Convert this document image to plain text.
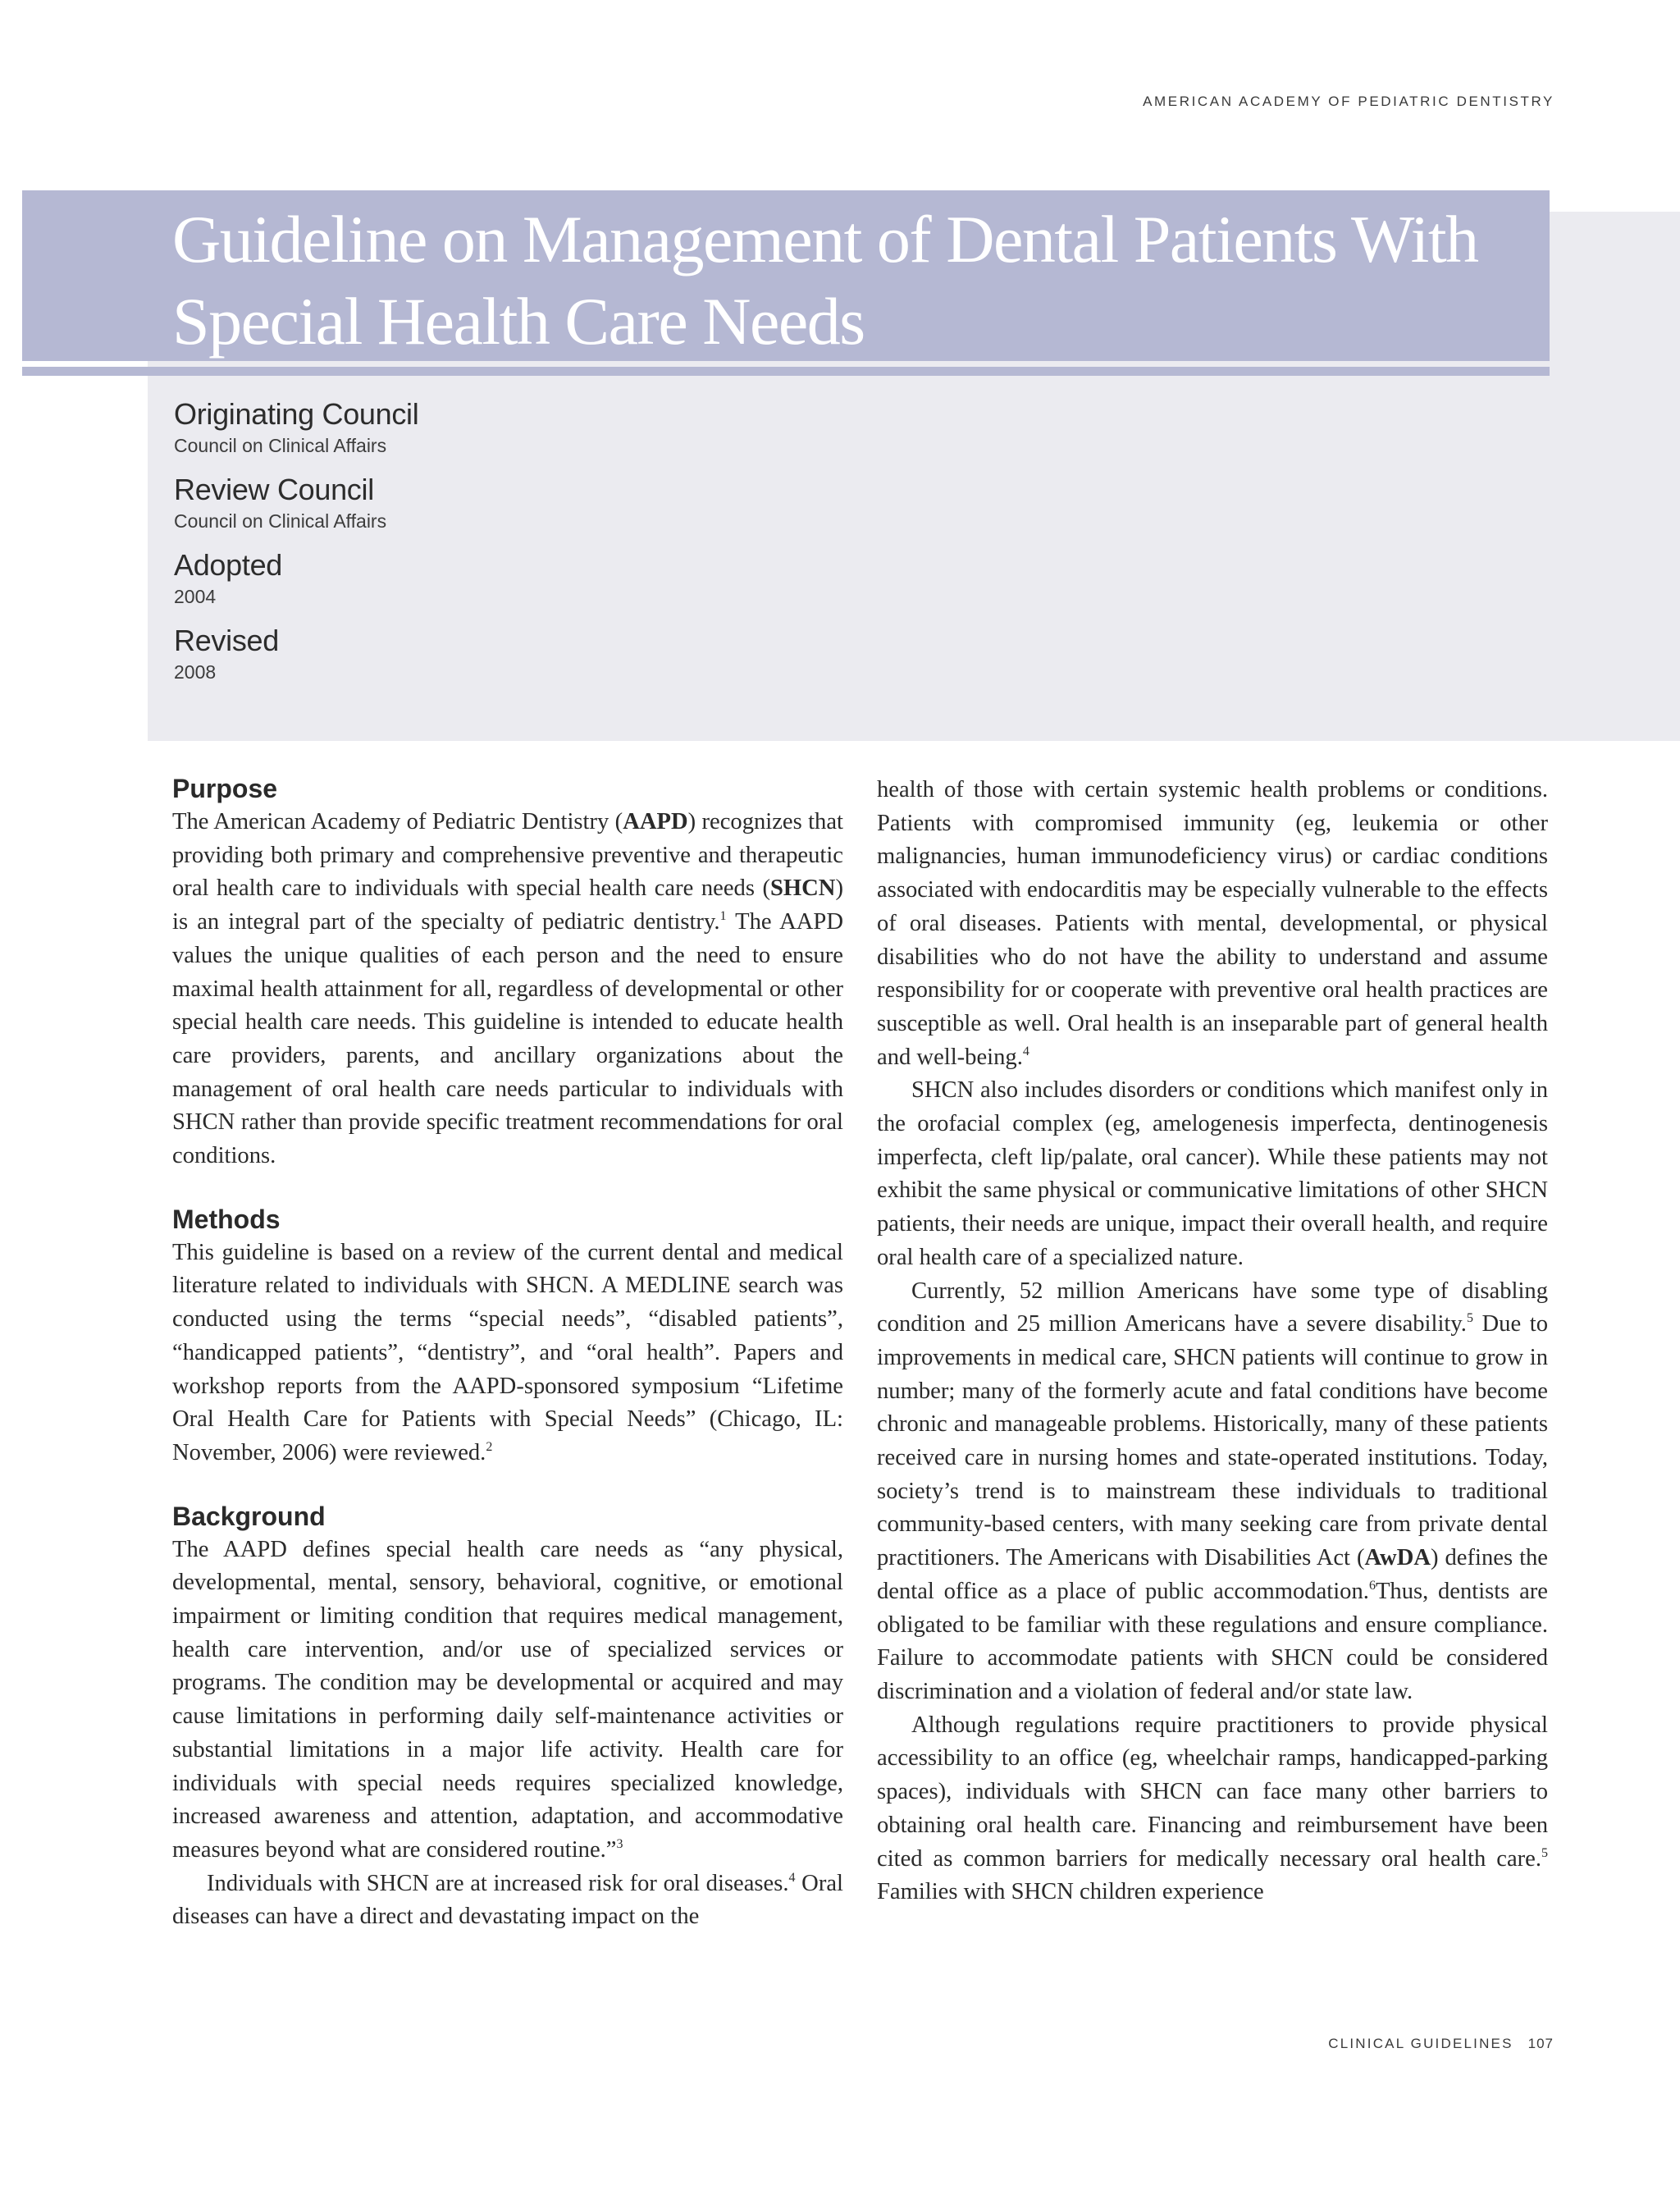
AMERICAN ACADEMY OF PEDIATRIC DENTISTRY
Guideline on Management of Dental Patients With Special Health Care Needs
Originating Council
Council on Clinical Affairs
Review Council
Council on Clinical Affairs
Adopted
2004
Revised
2008
Purpose

The American Academy of Pediatric Dentistry (AAPD) recognizes that providing both primary and comprehensive preventive and therapeutic oral health care to individuals with special health care needs (SHCN) is an integral part of the specialty of pediatric dentistry.$^1$ The AAPD values the unique qualities of each person and the need to ensure maximal health attainment for all, regardless of developmental or other special health care needs. This guideline is intended to educate health care providers, parents, and ancillary organizations about the management of oral health care needs particular to individuals with SHCN rather than provide specific treatment recommendations for oral conditions.

Methods

This guideline is based on a review of the current dental and medical literature related to individuals with SHCN. A MEDLINE search was conducted using the terms “special needs”, “disabled patients”, “handicapped patients”, “dentistry”, and “oral health”. Papers and workshop reports from the AAPD-sponsored symposium “Lifetime Oral Health Care for Patients with Special Needs” (Chicago, IL: November, 2006) were reviewed.$^2$

Background

The AAPD defines special health care needs as “any physical, developmental, mental, sensory, behavioral, cognitive, or emotional impairment or limiting condition that requires medical management, health care intervention, and/or use of specialized services or programs. The condition may be developmental or acquired and may cause limitations in performing daily self-maintenance activities or substantial limitations in a major life activity. Health care for individuals with special needs requires specialized knowledge, increased awareness and attention, adaptation, and accommodative measures beyond what are considered routine.”$^3$

Individuals with SHCN are at increased risk for oral diseases.$^4$ Oral diseases can have a direct and devastating impact on the

health of those with certain systemic health problems or conditions. Patients with compromised immunity (eg, leukemia or other malignancies, human immunodeficiency virus) or cardiac conditions associated with endocarditis may be especially vulnerable to the effects of oral diseases. Patients with mental, developmental, or physical disabilities who do not have the ability to understand and assume responsibility for or cooperate with preventive oral health practices are susceptible as well. Oral health is an inseparable part of general health and well-being.$^4$

SHCN also includes disorders or conditions which manifest only in the orofacial complex (eg, amelogenesis imperfecta, dentinogenesis imperfecta, cleft lip/palate, oral cancer). While these patients may not exhibit the same physical or communicative limitations of other SHCN patients, their needs are unique, impact their overall health, and require oral health care of a specialized nature.

Currently, 52 million Americans have some type of disabling condition and 25 million Americans have a severe disability.$^5$ Due to improvements in medical care, SHCN patients will continue to grow in number; many of the formerly acute and fatal conditions have become chronic and manageable problems. Historically, many of these patients received care in nursing homes and state-operated institutions. Today, society’s trend is to mainstream these individuals to traditional community-based centers, with many seeking care from private dental practitioners. The Americans with Disabilities Act (AwDA) defines the dental office as a place of public accommodation.$^6$Thus, dentists are obligated to be familiar with these regulations and ensure compliance. Failure to accommodate patients with SHCN could be considered discrimination and a violation of federal and/or state law.

Although regulations require practitioners to provide physical accessibility to an office (eg, wheelchair ramps, handicapped-parking spaces), individuals with SHCN can face many other barriers to obtaining oral health care. Financing and reimbursement have been cited as common barriers for medically necessary oral health care.$^5$ Families with SHCN children experience

CLINICAL GUIDELINES 107
